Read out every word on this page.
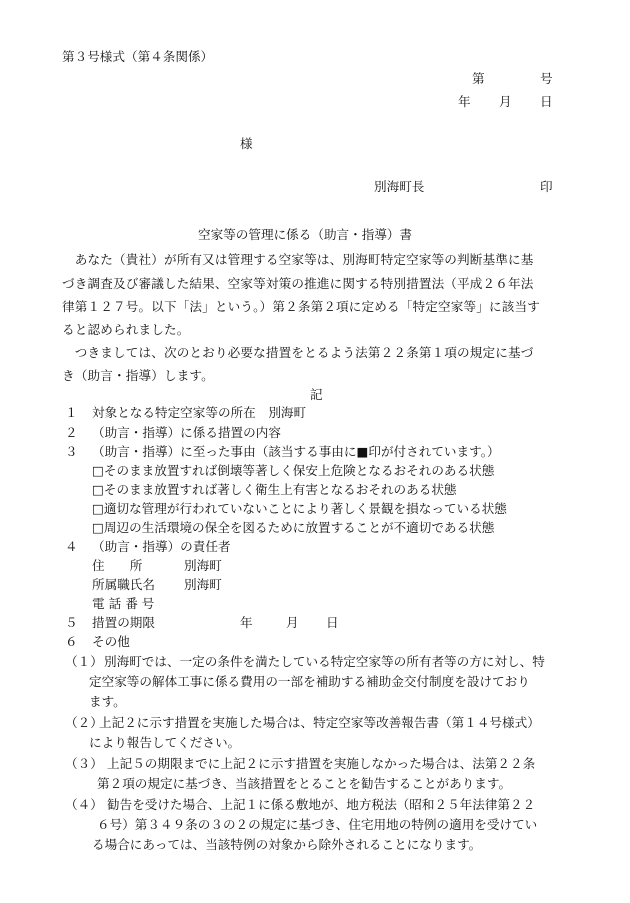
第３号様式（第４条関係）
第	号
年 月 日
様
別海町長	印
空家等の管理に係る（助言・指導）書
　あなた（貴社）が所有又は管理する空家等は、別海町特定空家等の判断基準に基
づき調査及び審議した結果、空家等対策の推進に関する特別措置法（平成２６年法
律第１２７号。以下「法」という。）第２条第２項に定める「特定空家等」に該当す
ると認められました。
　つきましては、次のとおり必要な措置をとるよう法第２２条第１項の規定に基づ
き（助言・指導）します。
記
１ 対象となる特定空家等の所在　別海町
２ （助言・指導）に係る措置の内容
３ （助言・指導）に至った事由（該当する事由に■印が付されています。）
□そのまま放置すれば倒壊等著しく保安上危険となるおそれのある状態
□そのまま放置すれば著しく衛生上有害となるおそれのある状態
□適切な管理が行われていないことにより著しく景観を損なっている状態
□周辺の生活環境の保全を図るために放置することが不適切である状態
４ （助言・指導）の責任者
住　　所	別海町
所属職氏名 別海町
電 話 番 号
５ 措置の期限	年	月 日
６ その他
（１） 別海町では、一定の条件を満たしている特定空家等の所有者等の方に対し、特
定空家等の解体工事に係る費用の一部を補助する補助金交付制度を設けており
ます。
（２）
上記２に示す措置を実施した場合は、特定空家等改善報告書（第１４号様式）
により報告してください。
（３） 上記５の期限までに上記２に示す措置を実施しなかった場合は、法第２２条
第２項の規定に基づき、当該措置をとることを勧告することがあります。
（４） 勧告を受けた場合、上記１に係る敷地が、地方税法（昭和２５年法律第２２
６号）第３４９条の３の２の規定に基づき、住宅用地の特例の適用を受けてい
る場合にあっては、当該特例の対象から除外されることになります。
